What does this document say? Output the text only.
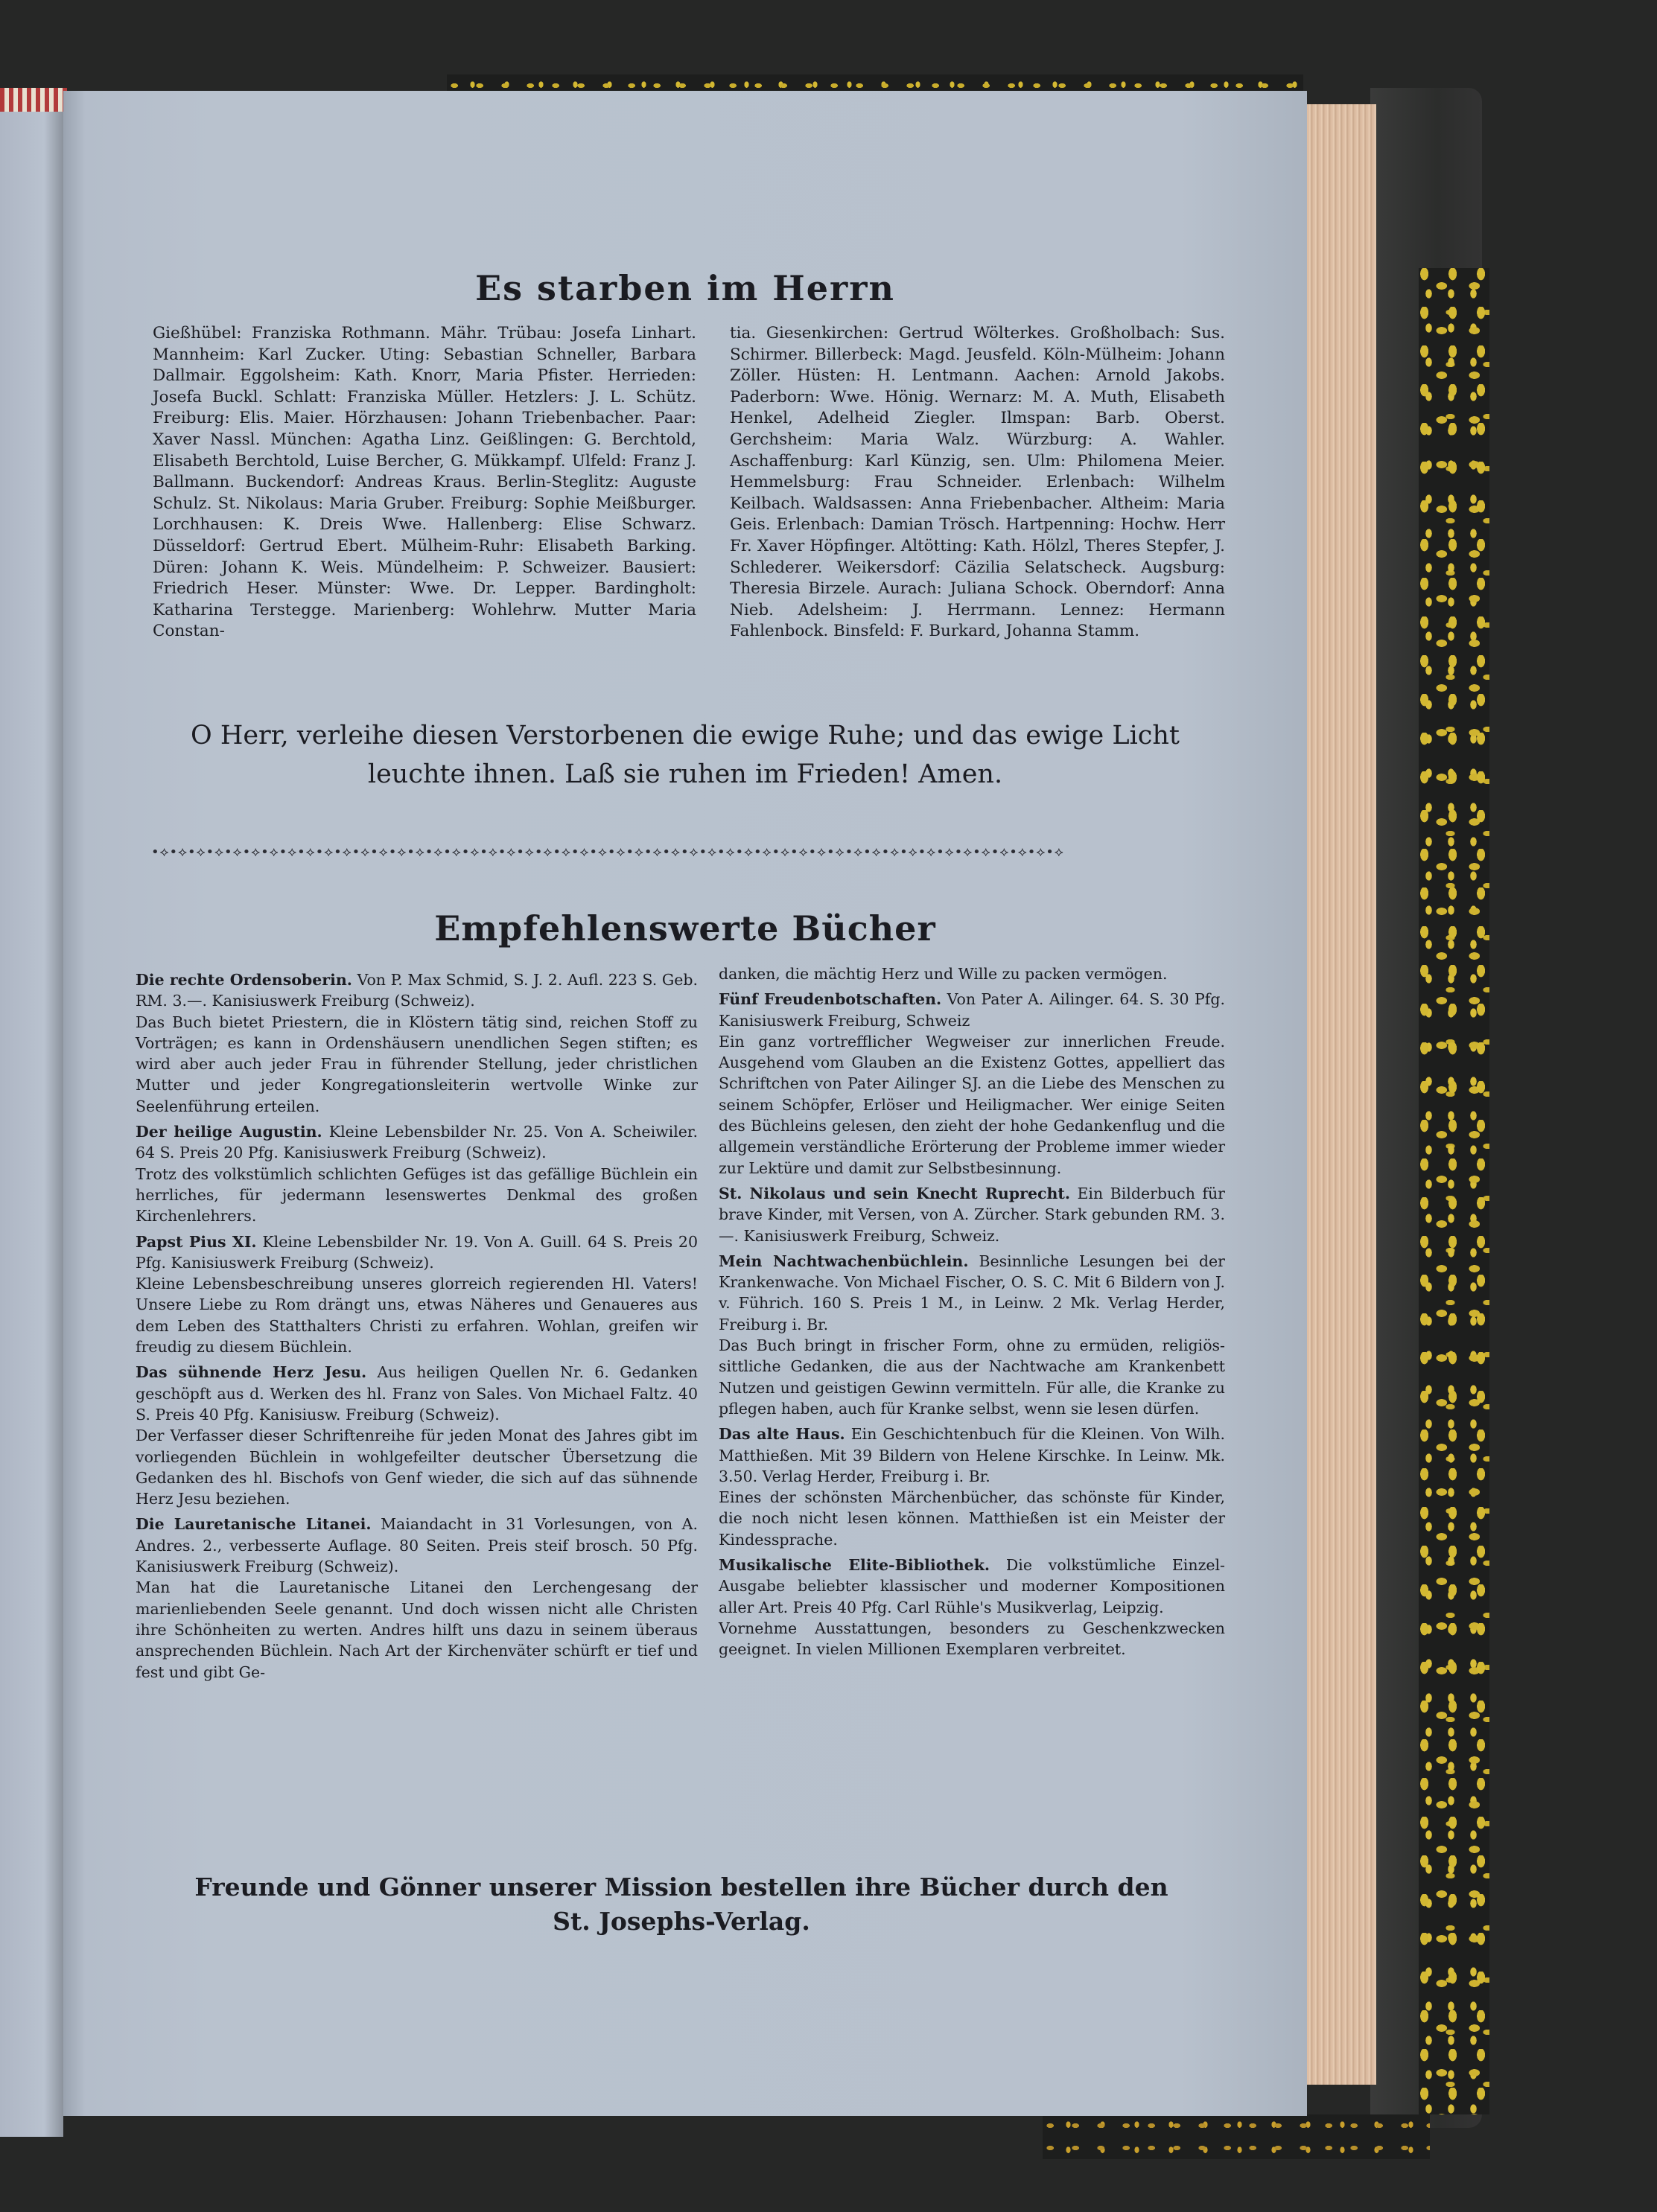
Es starben im Herrn

Gießhübel: Franziska Rothmann. Mähr. Trübau: Josefa Linhart. Mannheim: Karl Zucker. Uting: Sebastian Schneller, Barbara Dallmair. Eggolsheim: Kath. Knorr, Maria Pfister. Herrieden: Josefa Buckl. Schlatt: Franziska Müller. Hetzlers: J. L. Schütz. Freiburg: Elis. Maier. Hörzhausen: Johann Triebenbacher. Paar: Xaver Nassl. München: Agatha Linz. Geißlingen: G. Berchtold, Elisabeth Berchtold, Luise Bercher, G. Mükkampf. Ulfeld: Franz J. Ballmann. Buckendorf: Andreas Kraus. Berlin-Steglitz: Auguste Schulz. St. Nikolaus: Maria Gruber. Freiburg: Sophie Meißburger. Lorchhausen: K. Dreis Wwe. Hallenberg: Elise Schwarz. Düsseldorf: Gertrud Ebert. Mülheim-Ruhr: Elisabeth Barking. Düren: Johann K. Weis. Mündelheim: P. Schweizer. Bausiert: Friedrich Heser. Münster: Wwe. Dr. Lepper. Bardingholt: Katharina Terstegge. Marienberg: Wohlehrw. Mutter Maria Constan-

tia. Giesenkirchen: Gertrud Wölterkes. Großholbach: Sus. Schirmer. Billerbeck: Magd. Jeusfeld. Köln-Mülheim: Johann Zöller. Hüsten: H. Lentmann. Aachen: Arnold Jakobs. Paderborn: Wwe. Hönig. Wernarz: M. A. Muth, Elisabeth Henkel, Adelheid Ziegler. Ilmspan: Barb. Oberst. Gerchsheim: Maria Walz. Würzburg: A. Wahler. Aschaffenburg: Karl Künzig, sen. Ulm: Philomena Meier. Hemmelsburg: Frau Schneider. Erlenbach: Wilhelm Keilbach. Waldsassen: Anna Friebenbacher. Altheim: Maria Geis. Erlenbach: Damian Trösch. Hartpenning: Hochw. Herr Fr. Xaver Höpfinger. Altötting: Kath. Hölzl, Theres Stepfer, J. Schlederer. Weikersdorf: Cäzilia Selatscheck. Augsburg: Theresia Birzele. Aurach: Juliana Schock. Oberndorf: Anna Nieb. Adelsheim: J. Herrmann. Lennez: Hermann Fahlenbock. Binsfeld: F. Burkard, Johanna Stamm.

O Herr, verleihe diesen Verstorbenen die ewige Ruhe; und das ewige Licht leuchte ihnen. Laß sie ruhen im Frieden! Amen.

•⟡•⟡•⟡•⟡•⟡•⟡•⟡•⟡•⟡•⟡•⟡•⟡•⟡•⟡•⟡•⟡•⟡•⟡•⟡•⟡•⟡•⟡•⟡•⟡•⟡•⟡•⟡•⟡•⟡•⟡•⟡•⟡•⟡•⟡•⟡•⟡•⟡•⟡•⟡•⟡•⟡•⟡•⟡•⟡•⟡•⟡•⟡•⟡•⟡•⟡
Empfehlenswerte Bücher

Die rechte Ordensoberin. Von P. Max Schmid, S. J. 2. Aufl. 223 S. Geb. RM. 3.—. Kanisiuswerk Freiburg (Schweiz).
Das Buch bietet Priestern, die in Klöstern tätig sind, reichen Stoff zu Vorträgen; es kann in Ordenshäusern unendlichen Segen stiften; es wird aber auch jeder Frau in führender Stellung, jeder christlichen Mutter und jeder Kongregationsleiterin wertvolle Winke zur Seelenführung erteilen.

Der heilige Augustin. Kleine Lebensbilder Nr. 25. Von A. Scheiwiler. 64 S. Preis 20 Pfg. Kanisiuswerk Freiburg (Schweiz).
Trotz des volkstümlich schlichten Gefüges ist das gefällige Büchlein ein herrliches, für jedermann lesenswertes Denkmal des großen Kirchenlehrers.

Papst Pius XI. Kleine Lebensbilder Nr. 19. Von A. Guill. 64 S. Preis 20 Pfg. Kanisiuswerk Freiburg (Schweiz).
Kleine Lebensbeschreibung unseres glorreich regierenden Hl. Vaters! Unsere Liebe zu Rom drängt uns, etwas Näheres und Genaueres aus dem Leben des Statthalters Christi zu erfahren. Wohlan, greifen wir freudig zu diesem Büchlein.

Das sühnende Herz Jesu. Aus heiligen Quellen Nr. 6. Gedanken geschöpft aus d. Werken des hl. Franz von Sales. Von Michael Faltz. 40 S. Preis 40 Pfg. Kanisiusw. Freiburg (Schweiz).
Der Verfasser dieser Schriftenreihe für jeden Monat des Jahres gibt im vorliegenden Büchlein in wohlgefeilter deutscher Übersetzung die Gedanken des hl. Bischofs von Genf wieder, die sich auf das sühnende Herz Jesu beziehen.

Die Lauretanische Litanei. Maiandacht in 31 Vorlesungen, von A. Andres. 2., verbesserte Auflage. 80 Seiten. Preis steif brosch. 50 Pfg. Kanisiuswerk Freiburg (Schweiz).
Man hat die Lauretanische Litanei den Lerchengesang der marienliebenden Seele genannt. Und doch wissen nicht alle Christen ihre Schönheiten zu werten. Andres hilft uns dazu in seinem überaus ansprechenden Büchlein. Nach Art der Kirchenväter schürft er tief und fest und gibt Ge-

danken, die mächtig Herz und Wille zu packen vermögen.

Fünf Freudenbotschaften. Von Pater A. Ailinger. 64. S. 30 Pfg. Kanisiuswerk Freiburg, Schweiz
Ein ganz vortrefflicher Wegweiser zur innerlichen Freude. Ausgehend vom Glauben an die Existenz Gottes, appelliert das Schriftchen von Pater Ailinger SJ. an die Liebe des Menschen zu seinem Schöpfer, Erlöser und Heiligmacher. Wer einige Seiten des Büchleins gelesen, den zieht der hohe Gedankenflug und die allgemein verständliche Erörterung der Probleme immer wieder zur Lektüre und damit zur Selbstbesinnung.

St. Nikolaus und sein Knecht Ruprecht. Ein Bilderbuch für brave Kinder, mit Versen, von A. Zürcher. Stark gebunden RM. 3.—. Kanisiuswerk Freiburg, Schweiz.

Mein Nachtwachenbüchlein. Besinnliche Lesungen bei der Krankenwache. Von Michael Fischer, O. S. C. Mit 6 Bildern von J. v. Führich. 160 S. Preis 1 M., in Leinw. 2 Mk. Verlag Herder, Freiburg i. Br.
Das Buch bringt in frischer Form, ohne zu ermüden, religiös-sittliche Gedanken, die aus der Nachtwache am Krankenbett Nutzen und geistigen Gewinn vermitteln. Für alle, die Kranke zu pflegen haben, auch für Kranke selbst, wenn sie lesen dürfen.

Das alte Haus. Ein Geschichtenbuch für die Kleinen. Von Wilh. Matthießen. Mit 39 Bildern von Helene Kirschke. In Leinw. Mk. 3.50. Verlag Herder, Freiburg i. Br.
Eines der schönsten Märchenbücher, das schönste für Kinder, die noch nicht lesen können. Matthießen ist ein Meister der Kindessprache.

Musikalische Elite-Bibliothek. Die volkstümliche Einzel-Ausgabe beliebter klassischer und moderner Kompositionen aller Art. Preis 40 Pfg. Carl Rühle's Musikverlag, Leipzig.
Vornehme Ausstattungen, besonders zu Geschenkzwecken geeignet. In vielen Millionen Exemplaren verbreitet.

Freunde und Gönner unserer Mission bestellen ihre Bücher durch den St. Josephs-Verlag.
